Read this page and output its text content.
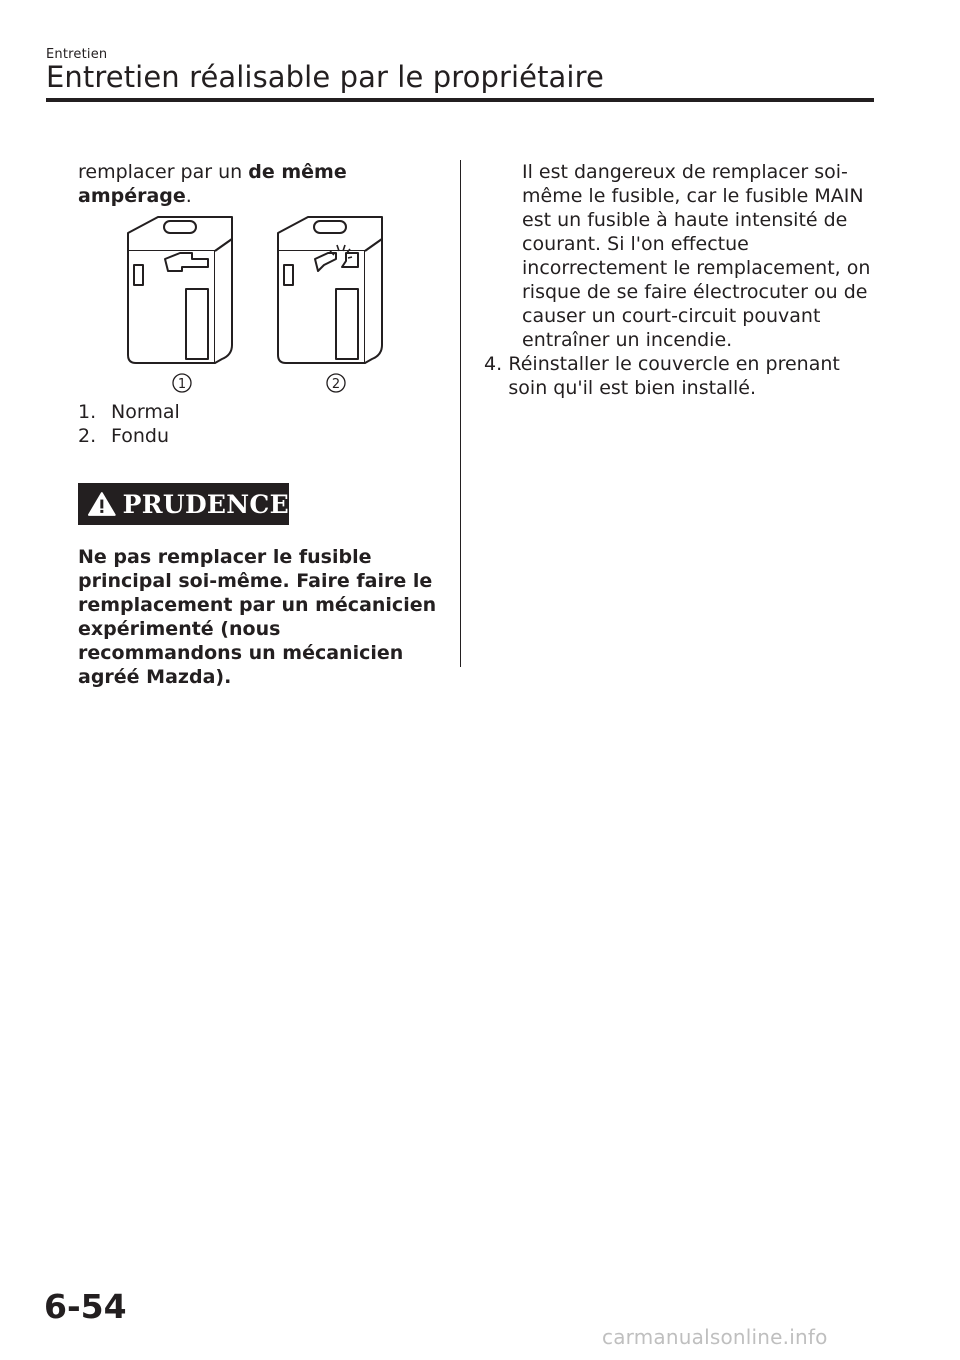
Entretien
Entretien réalisable par le propriétaire
remplacer par un de même ampérage.
1	2
1. Normal
2. Fondu
PRUDENCE
Ne pas remplacer le fusible principal soi-même. Faire faire le remplacement par un mécanicien expérimenté (nous recommandons un mécanicien agréé Mazda).
Il est dangereux de remplacer soi-même le fusible, car le fusible MAIN est un fusible à haute intensité de courant. Si l'on effectue incorrectement le remplacement, on risque de se faire électrocuter ou de causer un court-circuit pouvant entraîner un incendie.
4. Réinstaller le couvercle en prenant soin qu'il est bien installé.
6-54
carmanualsonline.info
